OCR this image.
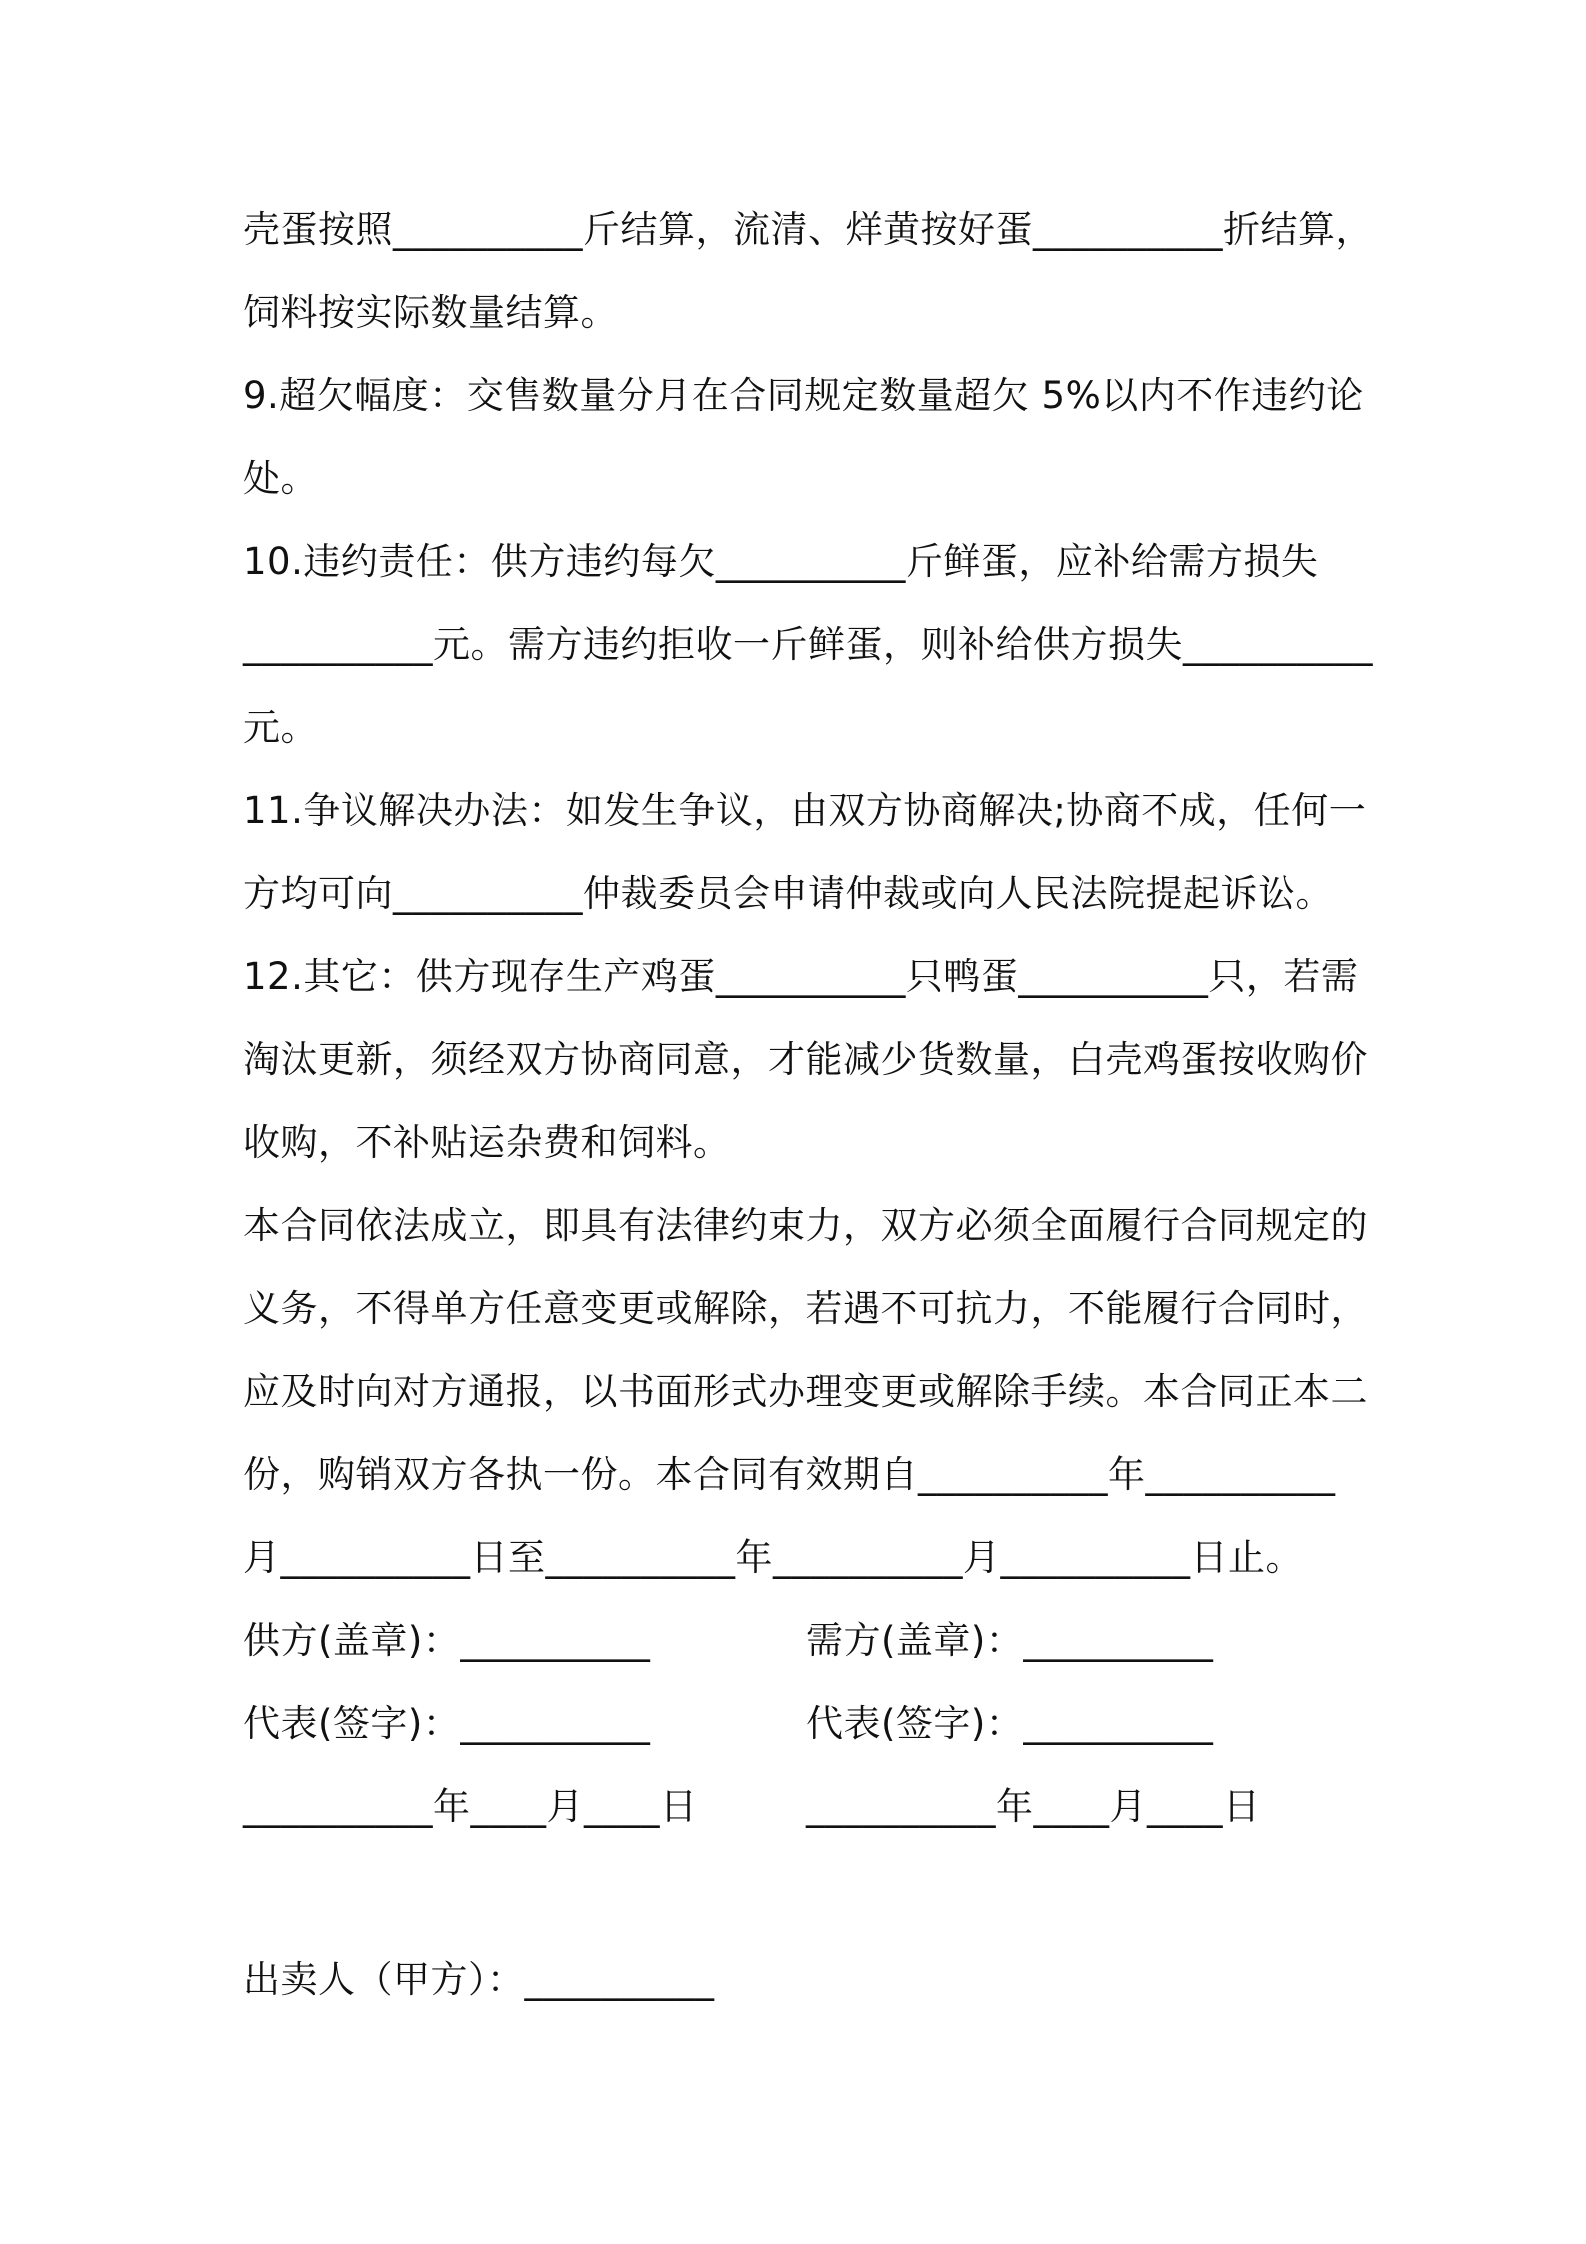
壳蛋按照__________斤结算，流清、烊黄按好蛋__________折结算，
饲料按实际数量结算。
9.超欠幅度：交售数量分月在合同规定数量超欠 5%以内不作违约论
处。
10.违约责任：供方违约每欠__________斤鲜蛋，应补给需方损失
__________元。需方违约拒收一斤鲜蛋，则补给供方损失__________
元。
11.争议解决办法：如发生争议，由双方协商解决;协商不成，任何一
方均可向__________仲裁委员会申请仲裁或向人民法院提起诉讼。
12.其它：供方现存生产鸡蛋__________只鸭蛋__________只，若需
淘汰更新，须经双方协商同意，才能减少货数量，白壳鸡蛋按收购价
收购，不补贴运杂费和饲料。
本合同依法成立，即具有法律约束力，双方必须全面履行合同规定的
义务，不得单方任意变更或解除，若遇不可抗力，不能履行合同时，
应及时向对方通报，以书面形式办理变更或解除手续。本合同正本二
份，购销双方各执一份。本合同有效期自__________年__________
月__________日至__________年__________月__________日止。
供方(盖章)：__________	需方(盖章)：__________
代表(签字)：__________	代表(签字)：__________
__________年____月____日	__________年____月____日
出卖人（甲方）：__________
